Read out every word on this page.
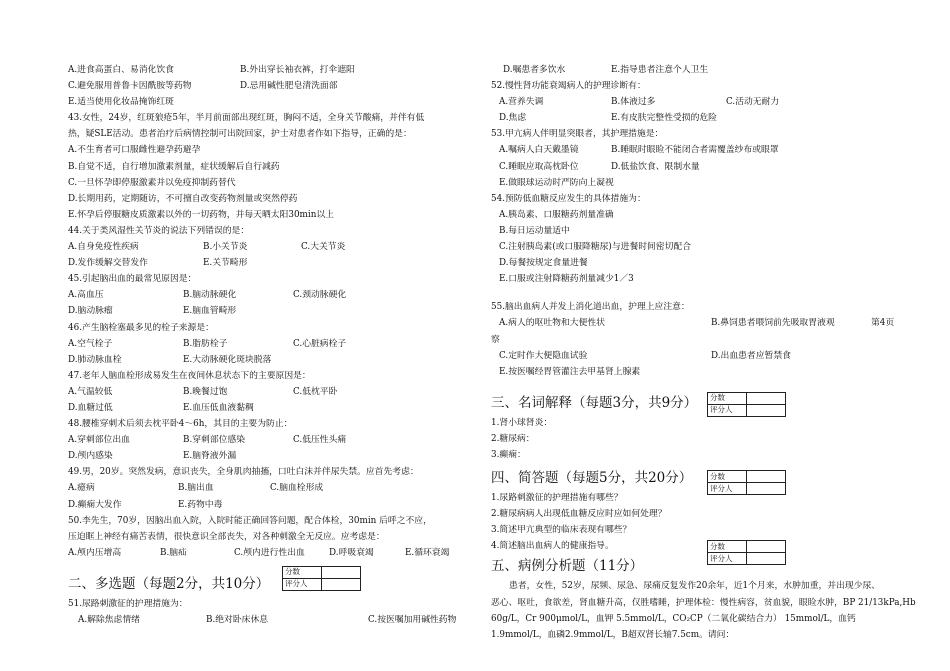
A.进食高蛋白、易消化饮食	B.外出穿长袖衣裤，打伞遮阳
C.避免服用普鲁卡因酰胺等药物	D.忌用碱性肥皂清洗面部
E.适当使用化妆品掩饰红斑
43.女性，24岁，红斑狼疮5年，半月前面部出现红斑，胸闷不适，全身关节酸痛，并伴有低
热，疑SLE活动。患者治疗后病情控制可出院回家，护士对患者作如下指导，正确的是：
A.不生育者可口服雌性避孕药避孕
B.自觉不适，自行增加激素剂量，症状缓解后自行减药
C.一旦怀孕即停服激素并以免疫抑制药替代
D.长期用药，定期随访，不可擅自改变药物剂量或突然停药
E.怀孕后停服糖皮质激素以外的一切药物，并每天晒太阳30min以上
44.关于类风湿性关节炎的说法下列错误的是：
A.自身免疫性疾病	B.小关节炎	C.大关节炎
D.发作缓解交替发作	E.关节畸形
45.引起脑出血的最常见原因是：
A.高血压	B.脑动脉硬化	C.颈动脉硬化
D.脑动脉瘤	E.脑血管畸形
46.产生脑栓塞最多见的栓子来源是：
A.空气栓子	B.脂肪栓子	C.心脏病栓子
D.肺动脉血栓	E.大动脉硬化斑块脱落
47.老年人脑血栓形成易发生在夜间休息状态下的主要原因是：
A.气温较低	B.晚餐过饱	C.低枕平卧
D.血糖过低	E.血压低血液黏稠
48.腰椎穿刺术后须去枕平卧4～6h，其目的主要为防止：
A.穿刺部位出血	B.穿刺部位感染	C.低压性头痛
D.颅内感染	E.脑脊液外漏
49.男，20岁。突然发病，意识丧失，全身肌肉抽搐，口吐白沫并伴尿失禁。应首先考虑：
A.癔病	B.脑出血	C.脑血栓形成
D.癫痫大发作	E.药物中毒
50.李先生，70岁，因脑出血入院，入院时能正确回答问题，配合体检，30min 后呼之不应，
压迫眶上神经有痛苦表情，很快意识全部丧失，对各种刺激全无反应。应考虑是：
A.颅内压增高	B.脑疝	C.颅内进行性出血	D.呼吸衰竭	E.循环衰竭
二、多选题（每题2分，共10分）
分数	
评分人	
51.尿路刺激征的护理措施为：
A.解除焦虑情绪	B.绝对卧床休息	C.按医嘱加用碱性药物
D.嘱患者多饮水	E.指导患者注意个人卫生
52.慢性肾功能衰竭病人的护理诊断有：
A.营养失调	B.体液过多	C.活动无耐力
D.焦虑	E.有皮肤完整性受损的危险
53.甲亢病人伴明显突眼者，其护理措施是：
A.嘱病人白天戴墨镜	B.睡眠时眼睑不能闭合者需覆盖纱布或眼罩
C.睡眠应取高枕卧位	D.低盐饮食、限制水量
E.做眼球运动时严防向上凝视
54.预防低血糖反应发生的具体措施为：
A.胰岛素、口服糖药剂量准确
B.每日运动量适中
C.注射胰岛素(或口服降糖尿)与进餐时间密切配合
D.每餐按规定食量进餐
E.口服或注射降糖药剂量减少1／3
55.脑出血病人并发上消化道出血，护理上应注意：
A.病人的呕吐物和大便性状	B.鼻饲患者喂饲前先吸取胃液观	第4页
察
C.定时作大便隐血试验	D.出血患者应暂禁食
E.按医嘱经胃管灌注去甲基肾上腺素
三、名词解释（每题3分，共9分） 分数	
评分人	
1.肾小球肾炎：
2.糖尿病：
3.癫痫：
四、简答题（每题5分，共20分） 分数	
评分人	
1.尿路刺激征的护理措施有哪些？
2.糖尿病病人出现低血糖反应时应如何处理？
3.简述甲亢典型的临床表现有哪些？
4.简述脑出血病人的健康指导。
五、病例分析题（11分）
分数	
评分人	
患者，女性，52岁，尿频、尿急、尿痛反复发作20余年，近1个月来，水肿加重，并出现少尿、
恶心、呕吐，食欲差，肾血糖升高，仅胜嗜睡，护理体检：慢性病容，贫血貌，眼睑水肿，BP 21/13kPa,Hb
60g/L，Cr 900μmol/L，血钾 5.5mmol/L，CO₂CP（二氧化碳结合力） 15mmol/L，血钙
1.9mmol/L，血磷2.9mmol/L，B超双肾长轴7.5cm。请问：
